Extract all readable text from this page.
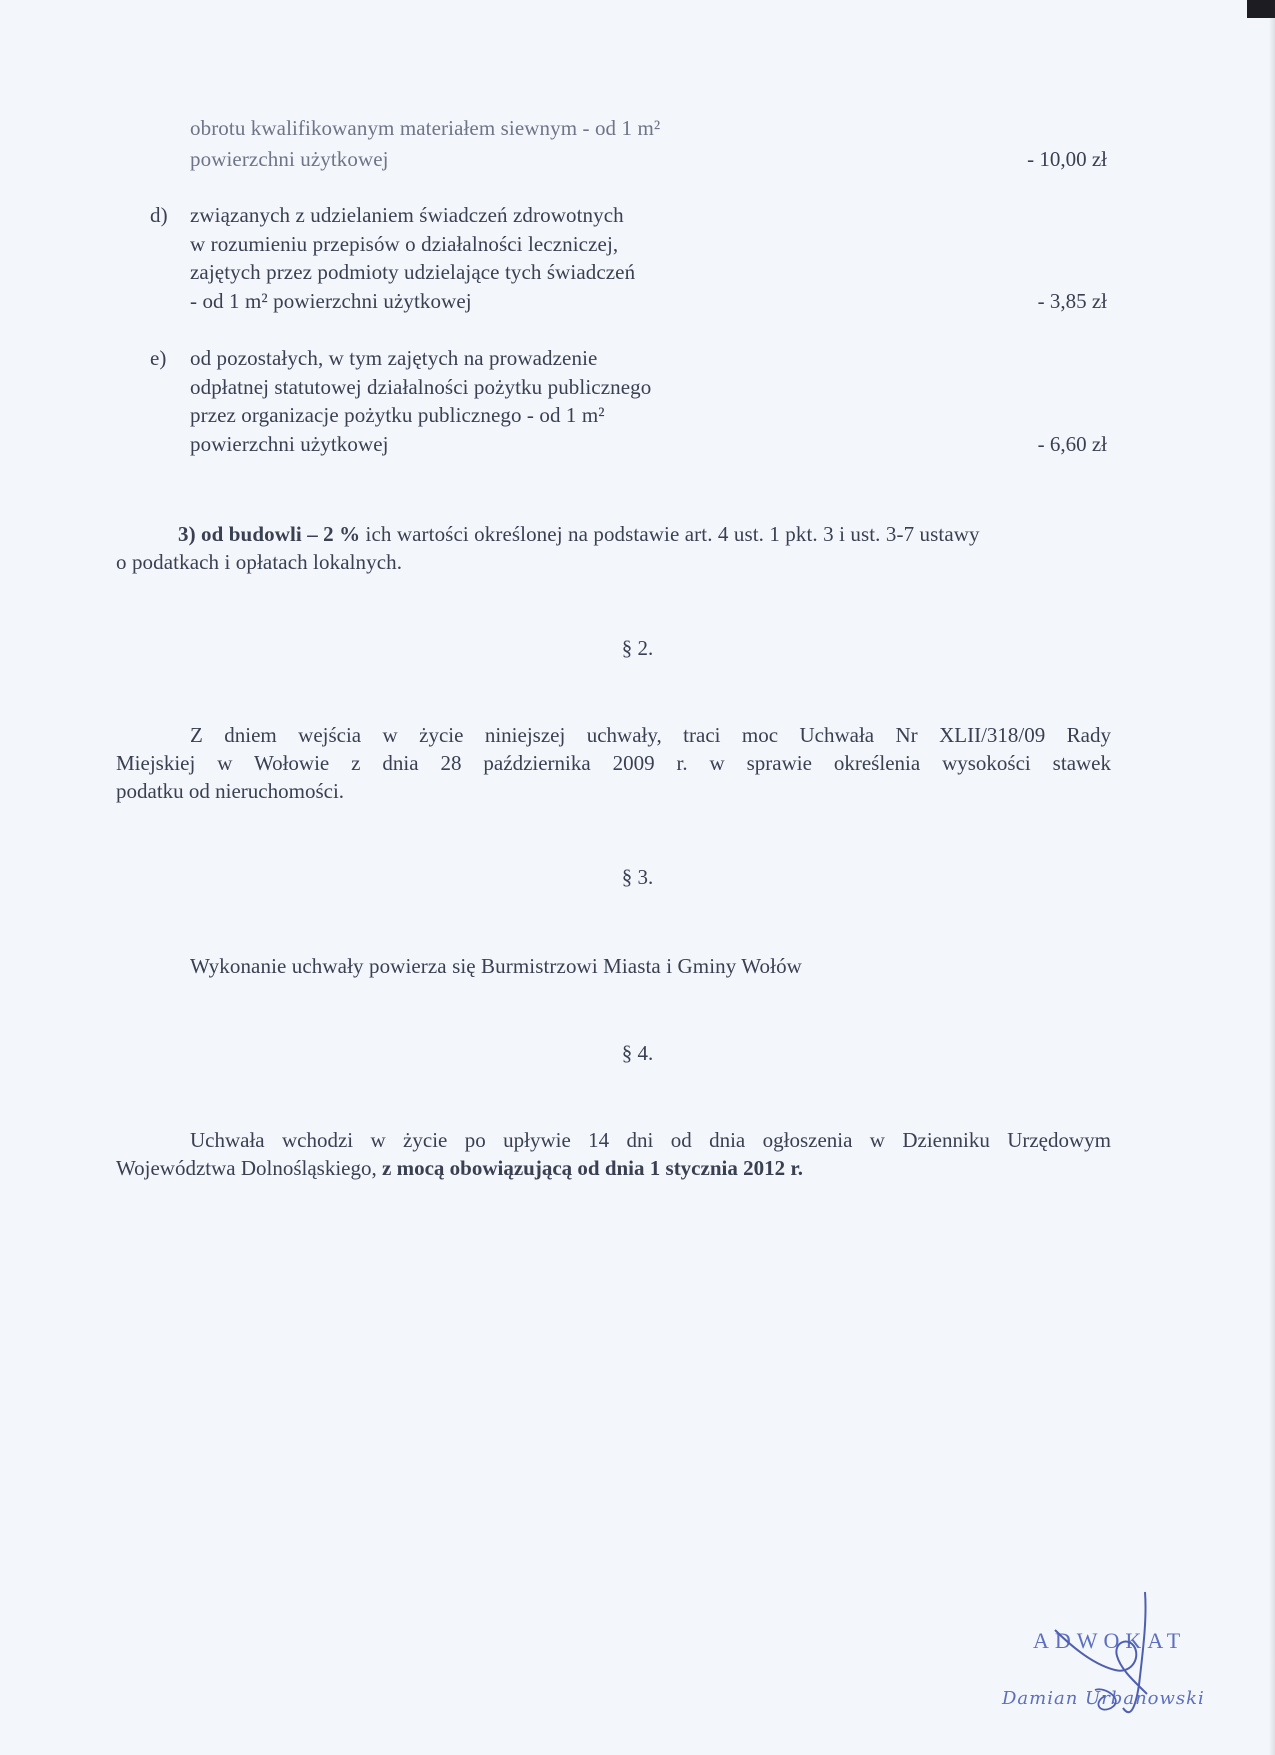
obrotu kwalifikowanym materiałem siewnym - od 1 m²
powierzchni użytkowej	- 10,00 zł
d) związanych z udzielaniem świadczeń zdrowotnych
w rozumieniu przepisów o działalności leczniczej,
zajętych przez podmioty udzielające tych świadczeń
- od 1 m² powierzchni użytkowej	- 3,85 zł
e) od pozostałych, w tym zajętych na prowadzenie
odpłatnej statutowej działalności pożytku publicznego
przez organizacje pożytku publicznego - od 1 m²
powierzchni użytkowej	- 6,60 zł
3) od budowli – 2 % ich wartości określonej na podstawie art. 4 ust. 1 pkt. 3 i ust. 3-7 ustawy
o podatkach i opłatach lokalnych.
§ 2.
Z dniem wejścia w życie niniejszej uchwały, traci moc Uchwała Nr XLII/318/09 Rady
Miejskiej w Wołowie z dnia 28 października 2009 r. w sprawie określenia wysokości stawek
podatku od nieruchomości.
§ 3.
Wykonanie uchwały powierza się Burmistrzowi Miasta i Gminy Wołów
§ 4.
Uchwała wchodzi w życie po upływie 14 dni od dnia ogłoszenia w Dzienniku Urzędowym
Województwa Dolnośląskiego, z mocą obowiązującą od dnia 1 stycznia 2012 r.
ADWOKAT
Damian Urbanowski
